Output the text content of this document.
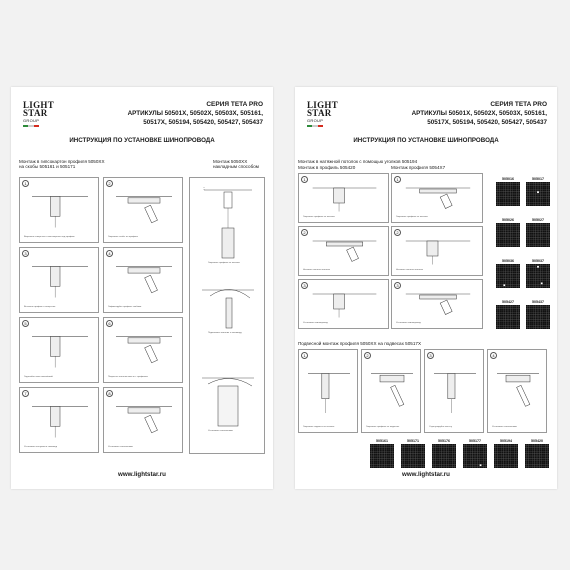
LIGHT
STAR
GROUP
СЕРИЯ TETA PRO
АРТИКУЛЫ 50501X, 50502X, 50503X, 505161,
50517X, 505194, 505420, 505427, 505437
ИНСТРУКЦИЯ ПО УСТАНОВКЕ ШИНОПРОВОДА
Монтаж в гипсокартон профиля 5050XX
на скобы 505161 и 505171
Монтаж 5050XX
накладным способом
1
Вырежьте отверстие в гипсокартоне под профиль
2
Закрепите скобы на профиле
3
Вставьте профиль в отверстие
4
Зафиксируйте профиль скобами
5
Заделайте швы шпаклёвкой
6
Покрасьте потолок вместе с профилем
7
Установите заглушки и токоввод
8
Установите светильники
Закрепите профиль на потолке
Подключите питание к токовводу
Установите светильники
www.lightstar.ru
LIGHT
STAR
GROUP
СЕРИЯ TETA PRO
АРТИКУЛЫ 50501X, 50502X, 50503X, 505161,
50517X, 505194, 505420, 505427, 505437
ИНСТРУКЦИЯ ПО УСТАНОВКЕ ШИНОПРОВОДА
Монтаж в натяжной потолок с помощью уголков 505194
Монтаж в профиль 505420	Монтаж профиля 5054X7
1
Закрепите профиль на потолке
1
Закрепите профиль на потолке
2
Натяните полотно потолка
2
Натяните полотно потолка
3
Установите шинопровод
3
Установите шинопровод
Подвесной монтаж профиля 5050XX на подвесах 50517X
1
Закрепите подвесы на потолке
2
Закрепите профиль на подвесах
3
Отрегулируйте высоту
4
Установите светильники
505016	505017
505026	505027
505036	505037
505427	505437
505161	505171	505176	505177	505194	505420
www.lightstar.ru
